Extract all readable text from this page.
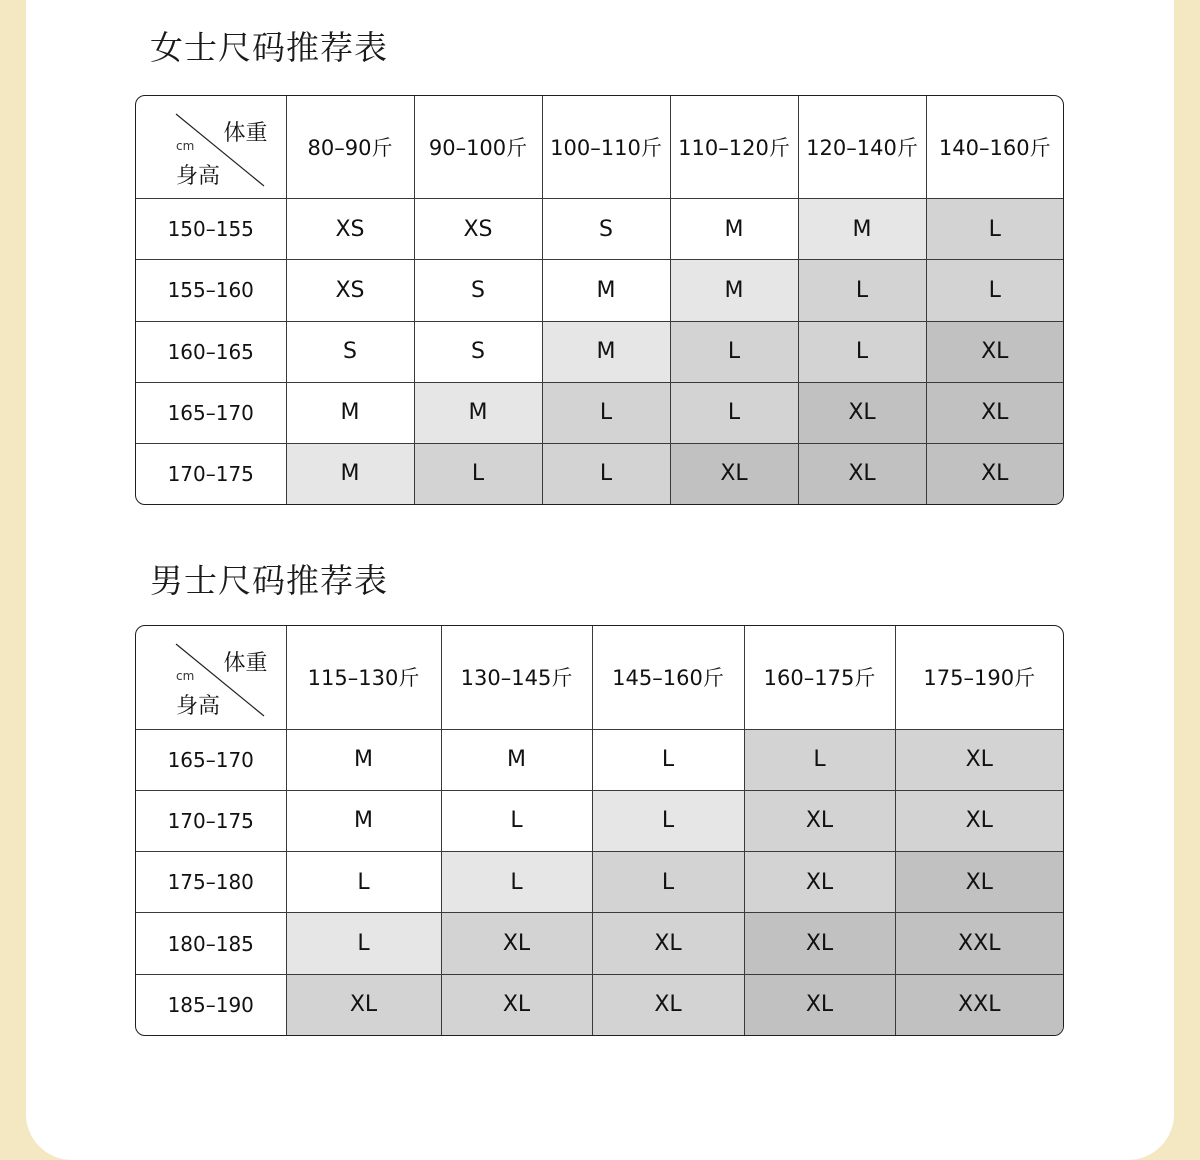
女士尺码推荐表
体重
cm
身高	80–90斤	90–100斤	100–110斤	110–120斤	120–140斤	140–160斤
150–155	XS	XS	S	M	M	L
155–160	XS	S	M	M	L	L
160–165	S	S	M	L	L	XL
165–170	M	M	L	L	XL	XL
170–175	M	L	L	XL	XL	XL
男士尺码推荐表
体重
cm
身高	115–130斤	130–145斤	145–160斤	160–175斤	175–190斤
165–170	M	M	L	L	XL
170–175	M	L	L	XL	XL
175–180	L	L	L	XL	XL
180–185	L	XL	XL	XL	XXL
185–190	XL	XL	XL	XL	XXL
